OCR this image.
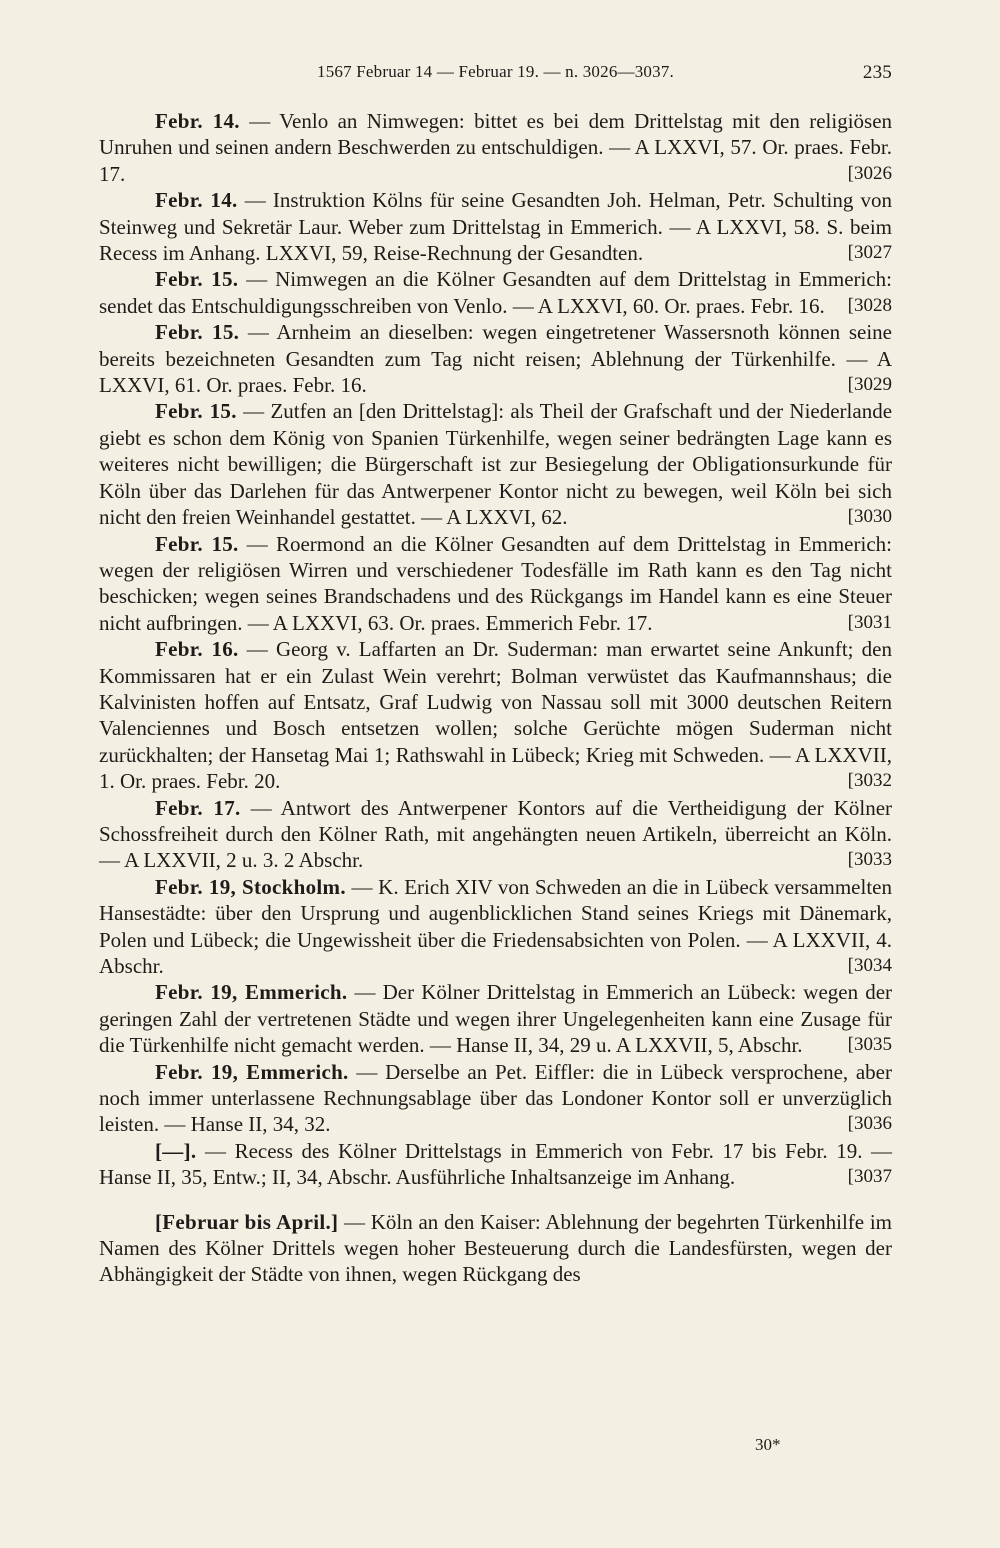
1567 Februar 14 — Februar 19. — n. 3026—3037.	235

Febr. 14. — Venlo an Nimwegen: bittet es bei dem Drittelstag mit den religiösen Unruhen und seinen andern Beschwerden zu entschuldigen. — A LXXVI, 57. Or. praes. Febr. 17.	[3026

Febr. 14. — Instruktion Kölns für seine Gesandten Joh. Helman, Petr. Schulting von Steinweg und Sekretär Laur. Weber zum Drittelstag in Emmerich. — A LXXVI, 58. S. beim Recess im Anhang. LXXVI, 59, Reise-Rechnung der Gesandten.	[3027

Febr. 15. — Nimwegen an die Kölner Gesandten auf dem Drittelstag in Emmerich: sendet das Entschuldigungsschreiben von Venlo. — A LXXVI, 60. Or. praes. Febr. 16. [3028

Febr. 15. — Arnheim an dieselben: wegen eingetretener Wassersnoth können seine bereits bezeichneten Gesandten zum Tag nicht reisen; Ablehnung der Türkenhilfe. — A LXXVI, 61. Or. praes. Febr. 16.	[3029

Febr. 15. — Zutfen an [den Drittelstag]: als Theil der Grafschaft und der Niederlande giebt es schon dem König von Spanien Türkenhilfe, wegen seiner bedrängten Lage kann es weiteres nicht bewilligen; die Bürgerschaft ist zur Besiegelung der Obligationsurkunde für Köln über das Darlehen für das Antwerpener Kontor nicht zu bewegen, weil Köln bei sich nicht den freien Weinhandel gestattet. — A LXXVI, 62.	[3030

Febr. 15. — Roermond an die Kölner Gesandten auf dem Drittelstag in Emmerich: wegen der religiösen Wirren und verschiedener Todesfälle im Rath kann es den Tag nicht beschicken; wegen seines Brandschadens und des Rückgangs im Handel kann es eine Steuer nicht aufbringen. — A LXXVI, 63. Or. praes. Emmerich Febr. 17.	[3031

Febr. 16. — Georg v. Laffarten an Dr. Suderman: man erwartet seine Ankunft; den Kommissaren hat er ein Zulast Wein verehrt; Bolman verwüstet das Kaufmannshaus; die Kalvinisten hoffen auf Entsatz, Graf Ludwig von Nassau soll mit 3000 deutschen Reitern Valenciennes und Bosch entsetzen wollen; solche Gerüchte mögen Suderman nicht zurückhalten; der Hansetag Mai 1; Rathswahl in Lübeck; Krieg mit Schweden. — A LXXVII, 1. Or. praes. Febr. 20.	[3032

Febr. 17. — Antwort des Antwerpener Kontors auf die Vertheidigung der Kölner Schossfreiheit durch den Kölner Rath, mit angehängten neuen Artikeln, überreicht an Köln. — A LXXVII, 2 u. 3. 2 Abschr.	[3033

Febr. 19, Stockholm. — K. Erich XIV von Schweden an die in Lübeck versammelten Hansestädte: über den Ursprung und augenblicklichen Stand seines Kriegs mit Dänemark, Polen und Lübeck; die Ungewissheit über die Friedensabsichten von Polen. — A LXXVII, 4. Abschr.	[3034

Febr. 19, Emmerich. — Der Kölner Drittelstag in Emmerich an Lübeck: wegen der geringen Zahl der vertretenen Städte und wegen ihrer Ungelegenheiten kann eine Zusage für die Türkenhilfe nicht gemacht werden. — Hanse II, 34, 29 u. A LXXVII, 5, Abschr. [3035

Febr. 19, Emmerich. — Derselbe an Pet. Eiffler: die in Lübeck versprochene, aber noch immer unterlassene Rechnungsablage über das Londoner Kontor soll er unverzüglich leisten. — Hanse II, 34, 32.	[3036

[—]. — Recess des Kölner Drittelstags in Emmerich von Febr. 17 bis Febr. 19. — Hanse II, 35, Entw.; II, 34, Abschr. Ausführliche Inhaltsanzeige im Anhang.	[3037

[Februar bis April.] — Köln an den Kaiser: Ablehnung der begehrten Türkenhilfe im Namen des Kölner Drittels wegen hoher Besteuerung durch die Landesfürsten, wegen der Abhängigkeit der Städte von ihnen, wegen Rückgang des

30*
